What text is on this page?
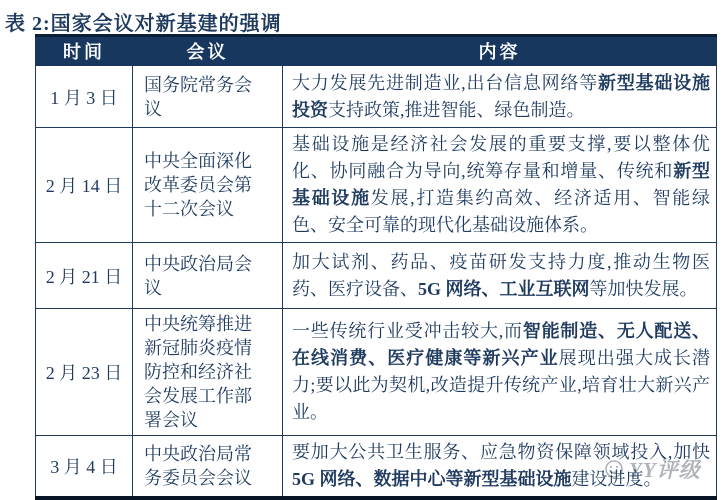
表 2:国家会议对新基建的强调
YY评级
时间	会议	内容
1 月 3 日	国务院常务会议	大力发展先进制造业,出台信息网络等新型基础设施投资支持政策,推进智能、绿色制造。
2 月 14 日	中央全面深化改革委员会第十二次会议	基础设施是经济社会发展的重要支撑,要以整体优化、协同融合为导向,统筹存量和增量、传统和新型基础设施发展,打造集约高效、经济适用、智能绿色、安全可靠的现代化基础设施体系。
2 月 21 日	中央政治局会议	加大试剂、药品、疫苗研发支持力度,推动生物医药、医疗设备、5G 网络、工业互联网等加快发展。
2 月 23 日	中央统筹推进新冠肺炎疫情防控和经济社会发展工作部署会议	一些传统行业受冲击较大,而智能制造、无人配送、在线消费、医疗健康等新兴产业展现出强大成长潜力;要以此为契机,改造提升传统产业,培育壮大新兴产业。
3 月 4 日	中央政治局常务委员会会议	要加大公共卫生服务、应急物资保障领域投入,加快 5G 网络、数据中心等新型基础设施建设进度。
